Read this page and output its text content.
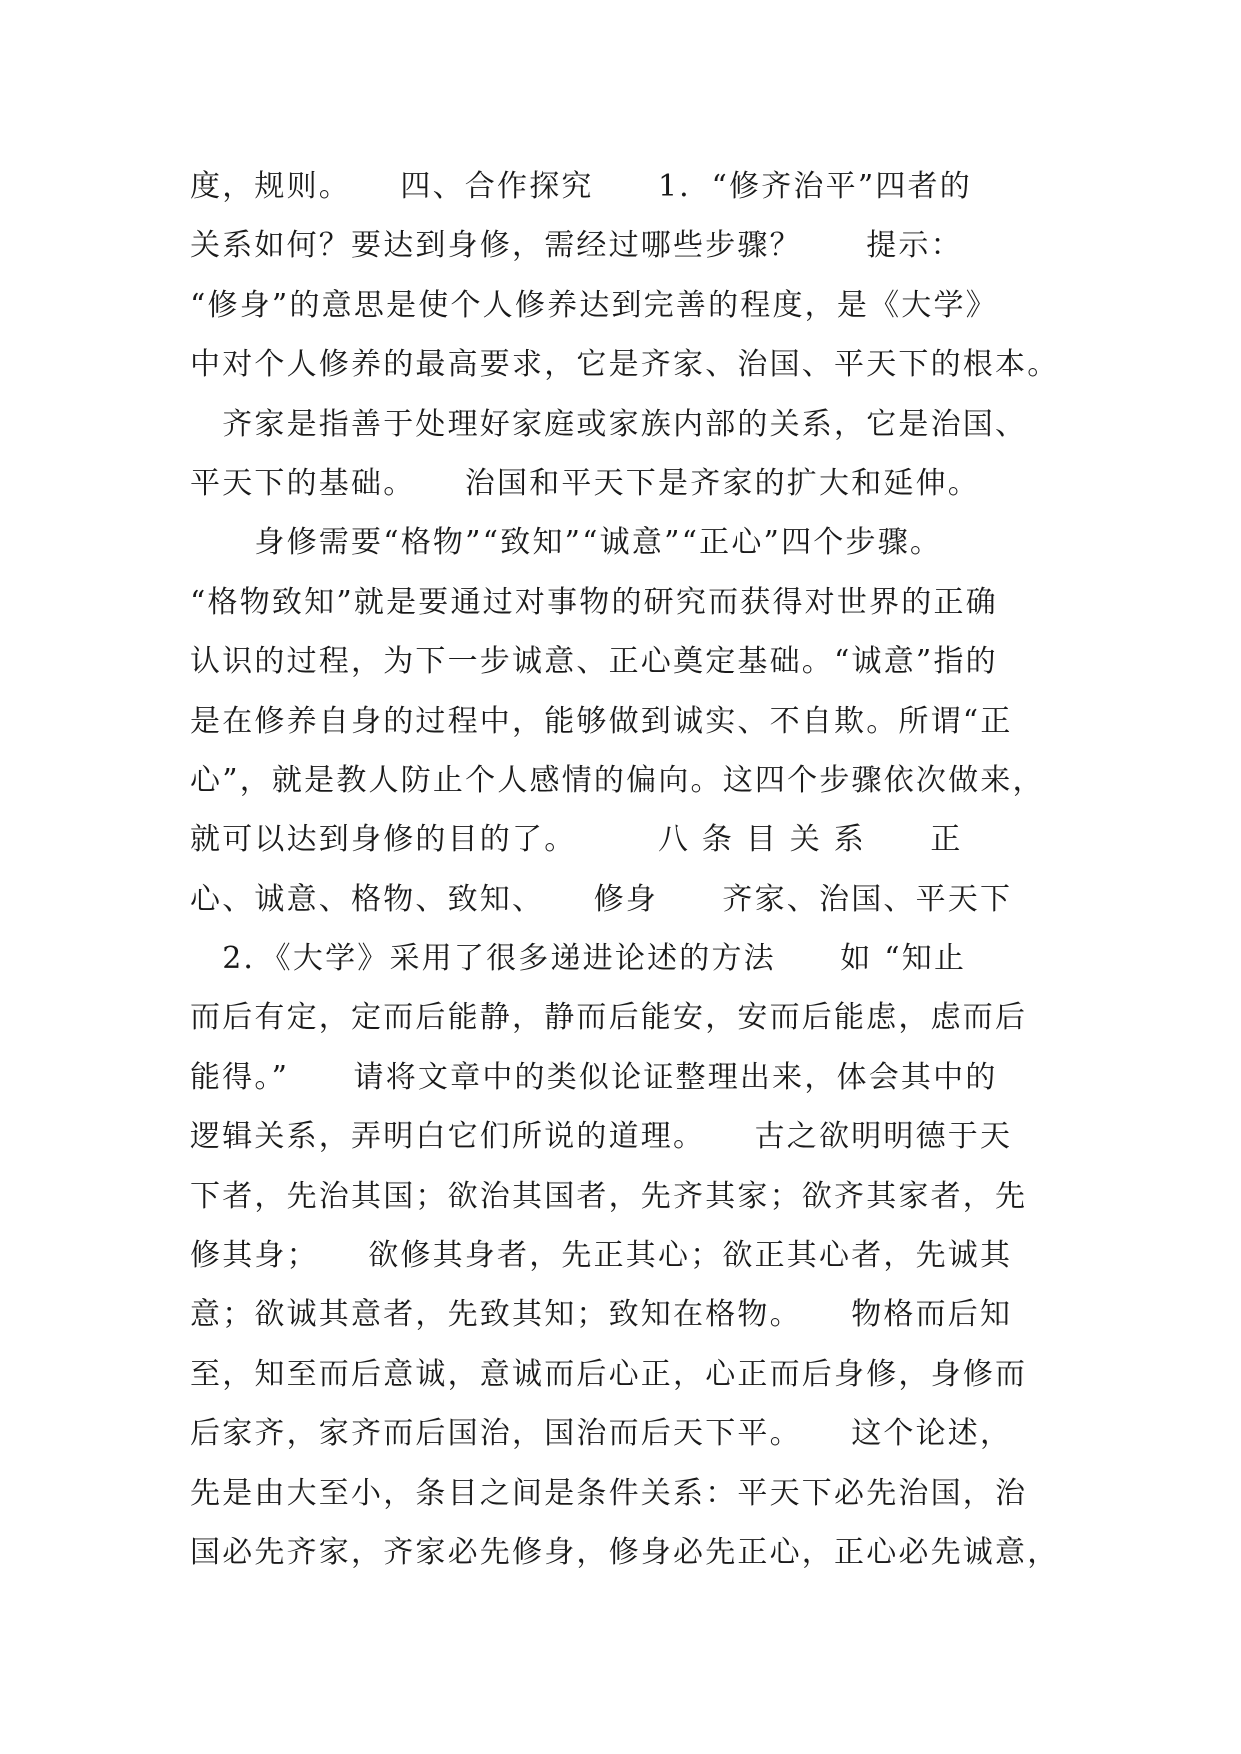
度，规则。　　四、合作探究　　1．“修齐治平”四者的
关系如何？要达到身修，需经过哪些步骤？　　提示：
“修身”的意思是使个人修养达到完善的程度，是《大学》
中对个人修养的最高要求，它是齐家、治国、平天下的根本。
　齐家是指善于处理好家庭或家族内部的关系，它是治国、
平天下的基础。　　治国和平天下是齐家的扩大和延伸。
　　身修需要“格物”“致知”“诚意”“正心”四个步骤。
“格物致知”就是要通过对事物的研究而获得对世界的正确
认识的过程，为下一步诚意、正心奠定基础。“诚意”指的
是在修养自身的过程中，能够做到诚实、不自欺。所谓“正
心”，就是教人防止个人感情的偏向。这四个步骤依次做来，
就可以达到身修的目的了。　　　八 条 目 关 系　　正
心、诚意、格物、致知、　　修身　　齐家、治国、平天下
　2．《大学》采用了很多递进论述的方法　　如 “知止
而后有定，定而后能静，静而后能安，安而后能虑，虑而后
能得。”　　请将文章中的类似论证整理出来，体会其中的
逻辑关系，弄明白它们所说的道理。　　古之欲明明德于天
下者，先治其国；欲治其国者，先齐其家；欲齐其家者，先
修其身；　　欲修其身者，先正其心；欲正其心者，先诚其
意；欲诚其意者，先致其知；致知在格物。　　物格而后知
至，知至而后意诚，意诚而后心正，心正而后身修，身修而
后家齐，家齐而后国治，国治而后天下平。　　这个论述，
先是由大至小，条目之间是条件关系：平天下必先治国，治
国必先齐家，齐家必先修身，修身必先正心，正心必先诚意，
